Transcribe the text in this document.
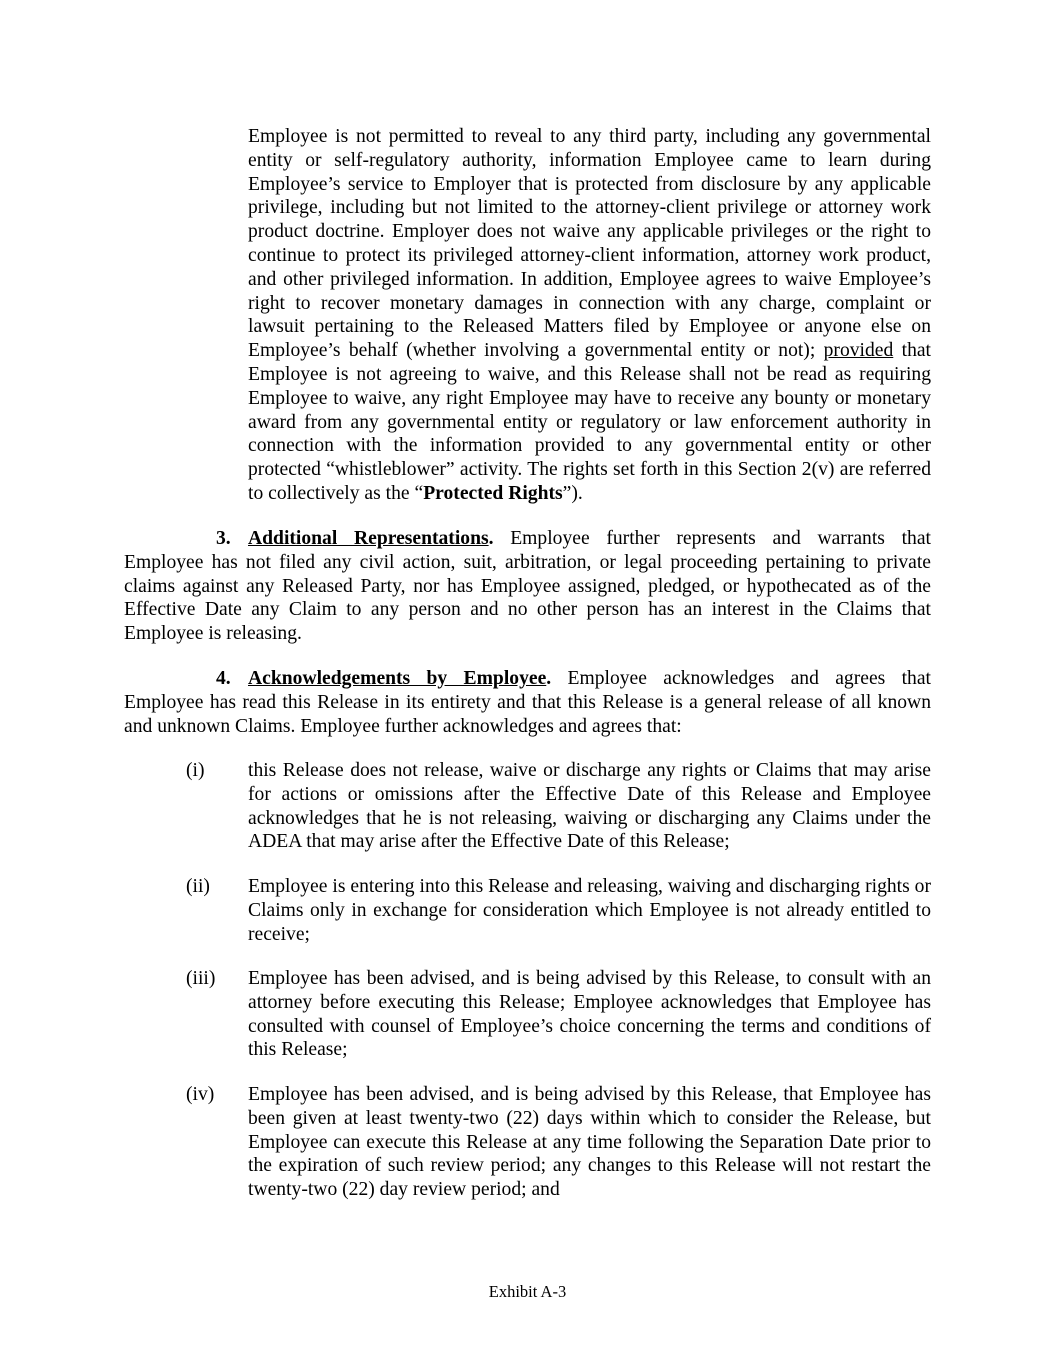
Employee is not permitted to reveal to any third party, including any governmental entity or self-regulatory authority, information Employee came to learn during Employee’s service to Employer that is protected from disclosure by any applicable privilege, including but not limited to the attorney-client privilege or attorney work product doctrine. Employer does not waive any applicable privileges or the right to continue to protect its privileged attorney-client information, attorney work product, and other privileged information. In addition, Employee agrees to waive Employee’s right to recover monetary damages in connection with any charge, complaint or lawsuit pertaining to the Released Matters filed by Employee or anyone else on Employee’s behalf (whether involving a governmental entity or not); provided that Employee is not agreeing to waive, and this Release shall not be read as requiring Employee to waive, any right Employee may have to receive any bounty or monetary award from any governmental entity or regulatory or law enforcement authority in connection with the information provided to any governmental entity or other protected “whistleblower” activity. The rights set forth in this Section 2(v) are referred to collectively as the “Protected Rights”).

3. Additional Representations. Employee further represents and warrants that Employee has not filed any civil action, suit, arbitration, or legal proceeding pertaining to private claims against any Released Party, nor has Employee assigned, pledged, or hypothecated as of the Effective Date any Claim to any person and no other person has an interest in the Claims that Employee is releasing.

4. Acknowledgements by Employee. Employee acknowledges and agrees that Employee has read this Release in its entirety and that this Release is a general release of all known and unknown Claims. Employee further acknowledges and agrees that:

(i)	this Release does not release, waive or discharge any rights or Claims that may arise for actions or omissions after the Effective Date of this Release and Employee acknowledges that he is not releasing, waiving or discharging any Claims under the ADEA that may arise after the Effective Date of this Release;

(ii)	Employee is entering into this Release and releasing, waiving and discharging rights or Claims only in exchange for consideration which Employee is not already entitled to receive;

(iii)	Employee has been advised, and is being advised by this Release, to consult with an attorney before executing this Release; Employee acknowledges that Employee has consulted with counsel of Employee’s choice concerning the terms and conditions of this Release;

(iv)	Employee has been advised, and is being advised by this Release, that Employee has been given at least twenty-two (22) days within which to consider the Release, but Employee can execute this Release at any time following the Separation Date prior to the expiration of such review period; any changes to this Release will not restart the twenty-two (22) day review period; and

Exhibit A-3
